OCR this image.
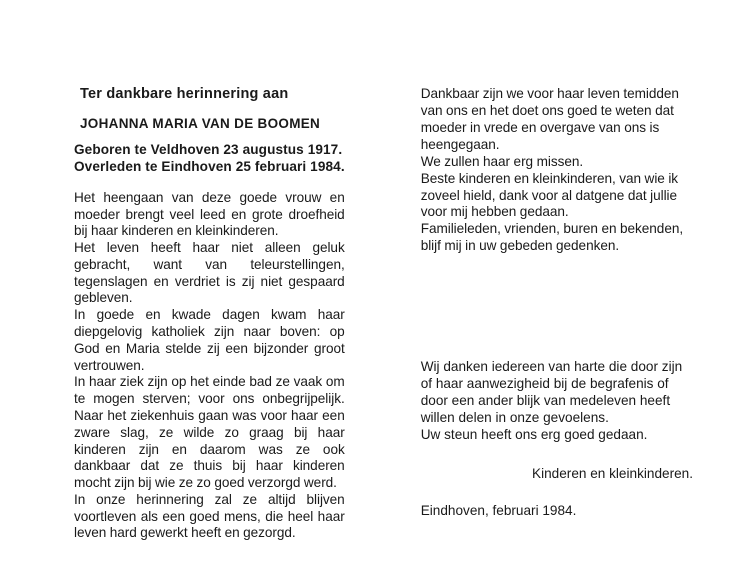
Ter dankbare herinnering aan
JOHANNA MARIA VAN DE BOOMEN
Geboren te Veldhoven 23 augustus 1917.
Overleden te Eindhoven 25 februari 1984.

Het heengaan van deze goede vrouw en moeder brengt veel leed en grote droefheid bij haar kinderen en kleinkinderen.

Het leven heeft haar niet alleen geluk gebracht, want van teleurstellingen, tegenslagen en verdriet is zij niet gespaard gebleven.

In goede en kwade dagen kwam haar diepgelovig katholiek zijn naar boven: op God en Maria stelde zij een bijzonder groot vertrouwen.

In haar ziek zijn op het einde bad ze vaak om te mogen sterven; voor ons onbegrijpelijk. Naar het ziekenhuis gaan was voor haar een zware slag, ze wilde zo graag bij haar kinderen zijn en daarom was ze ook dankbaar dat ze thuis bij haar kinderen mocht zijn bij wie ze zo goed verzorgd werd.

In onze herinnering zal ze altijd blijven voortleven als een goed mens, die heel haar leven hard gewerkt heeft en gezorgd.

Dankbaar zijn we voor haar leven temidden van ons en het doet ons goed te weten dat moeder in vrede en overgave van ons is heengegaan.

We zullen haar erg missen.

Beste kinderen en kleinkinderen, van wie ik zoveel hield, dank voor al datgene dat jullie voor mij hebben gedaan.

Familieleden, vrienden, buren en bekenden, blijf mij in uw gebeden gedenken.

Wij danken iedereen van harte die door zijn of haar aanwezigheid bij de begrafenis of door een ander blijk van medeleven heeft willen delen in onze gevoelens.

Uw steun heeft ons erg goed gedaan.

Kinderen en kleinkinderen.

Eindhoven, februari 1984.
